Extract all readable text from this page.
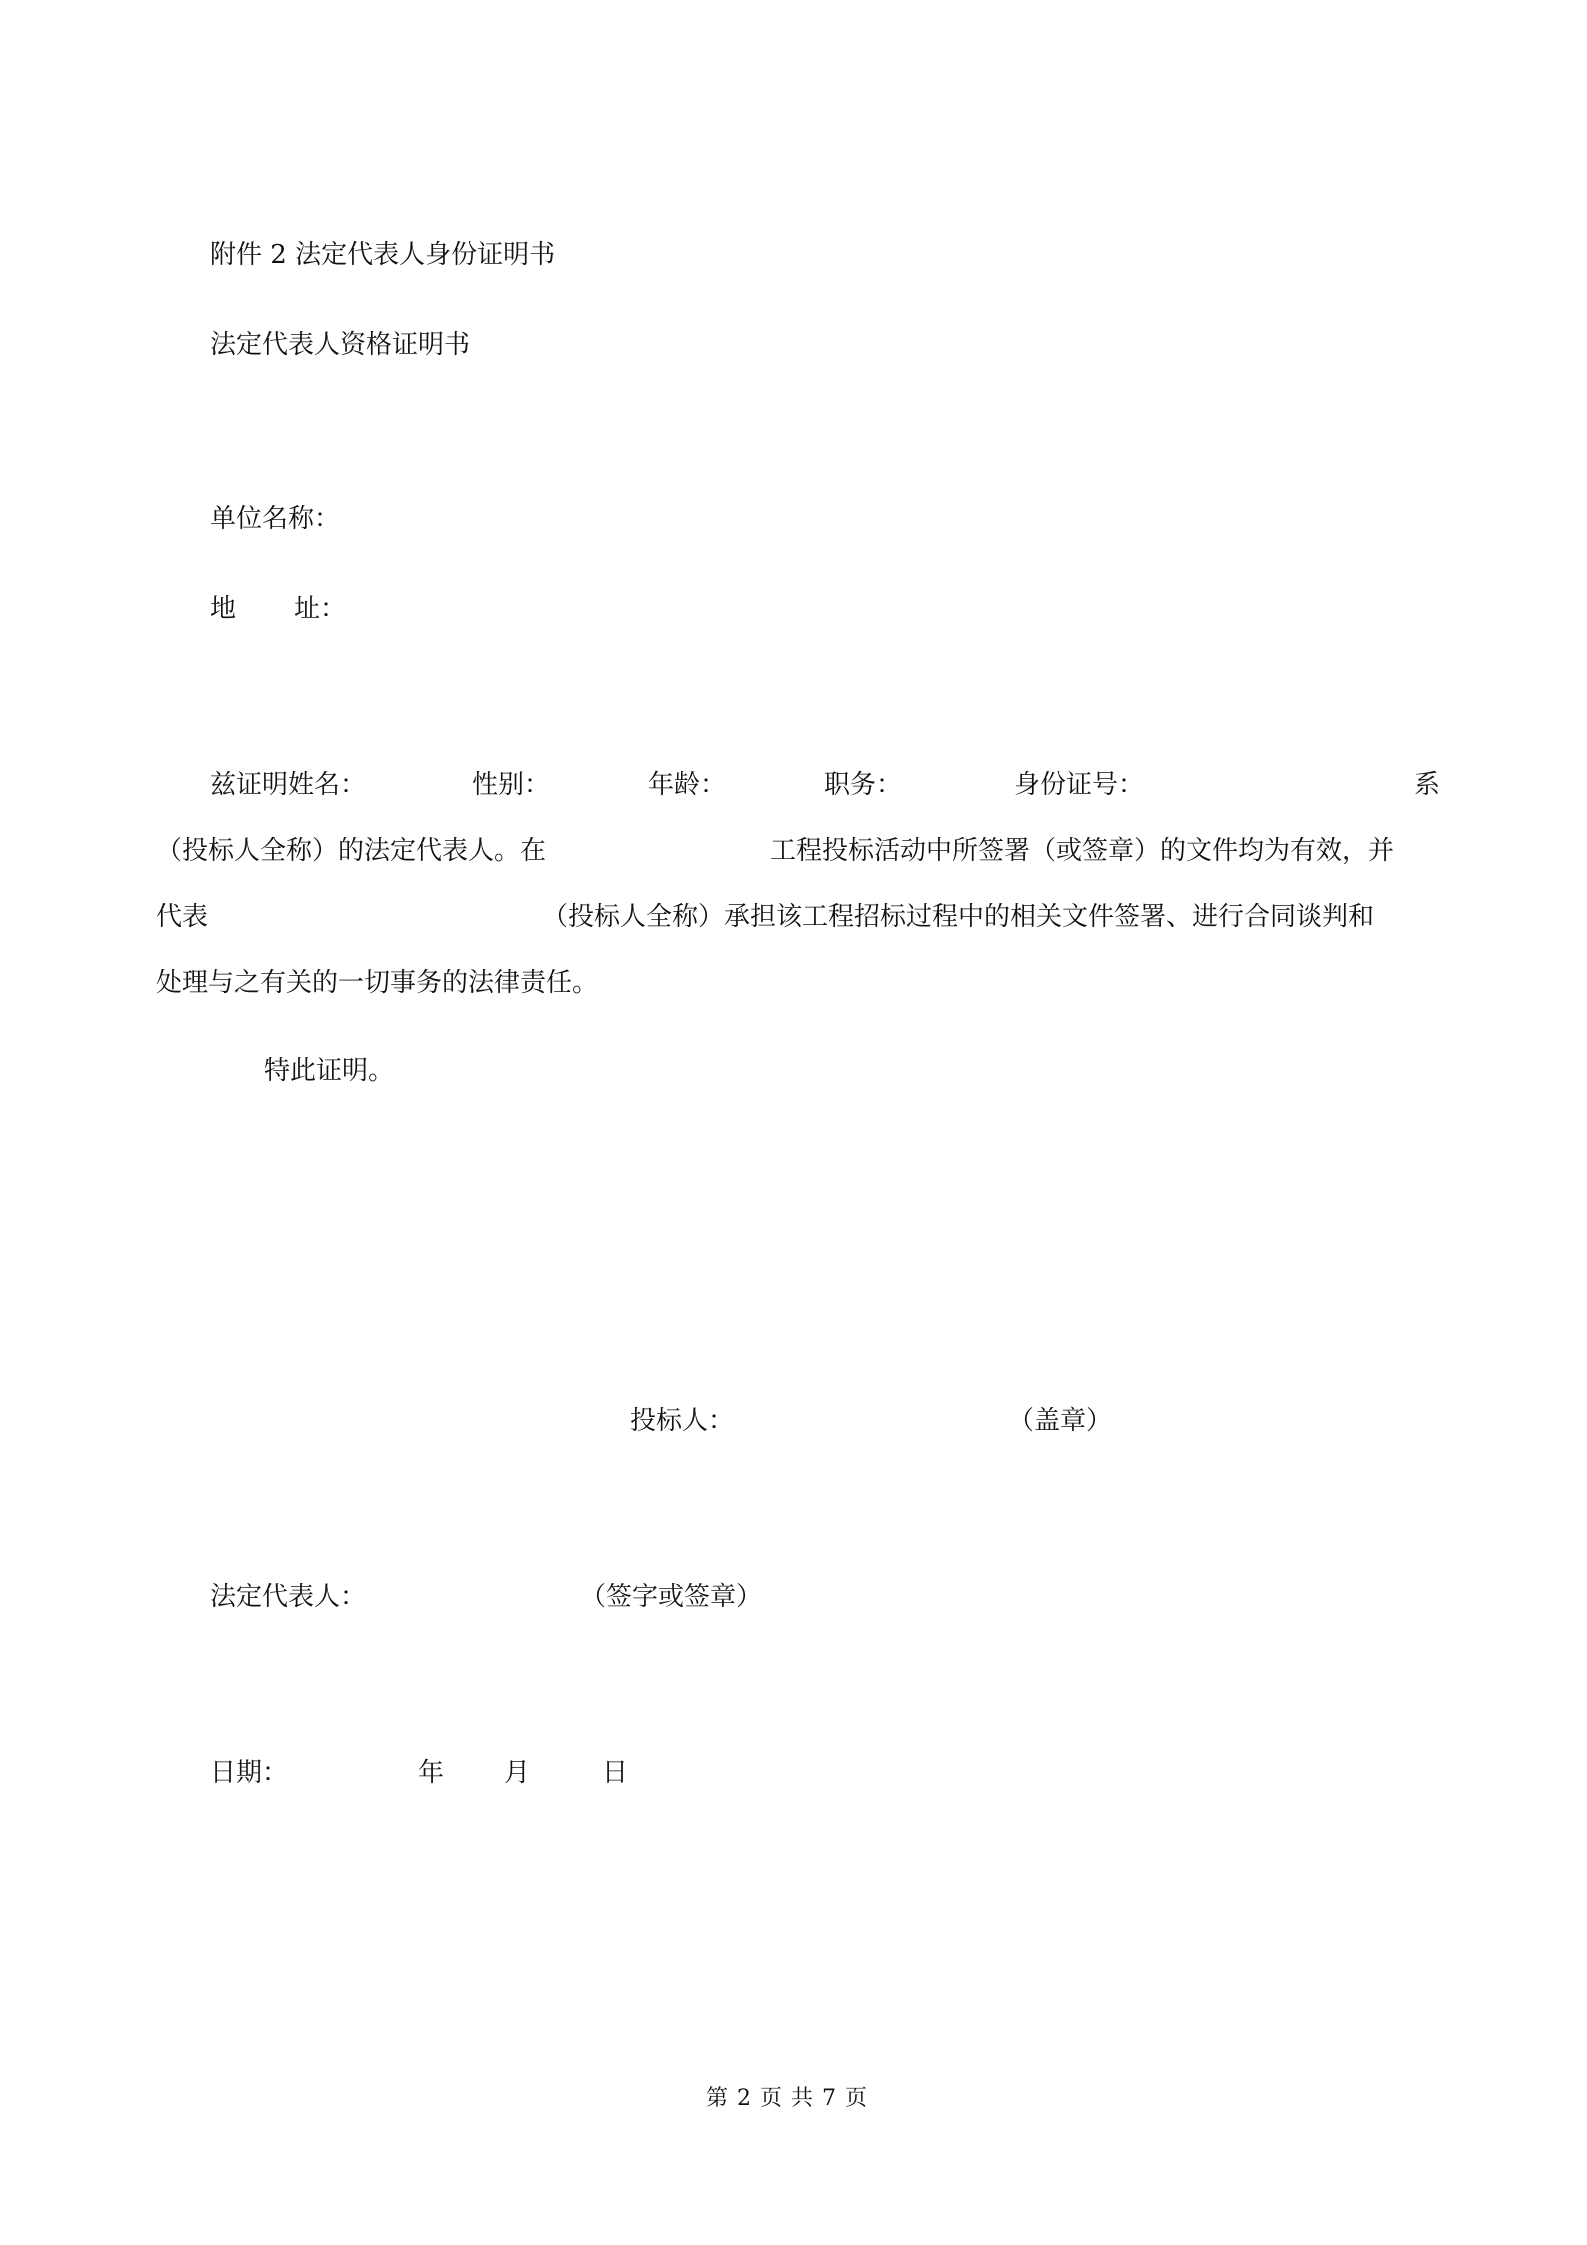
附件 2 法定代表人身份证明书
法定代表人资格证明书
单位名称：
地 址：
兹证明姓名：	性别：	年龄：	职务：	身份证号：	系
（投标人全称）的法定代表人。在	工程投标活动中所签署（或签章）的文件均为有效，并
代表	（投标人全称）承担该工程招标过程中的相关文件签署、进行合同谈判和
处理与之有关的一切事务的法律责任。
特此证明。
投标人：	（盖章）
法定代表人：	（签字或签章）
日期：	年 月	日
第 2 页 共 7 页
